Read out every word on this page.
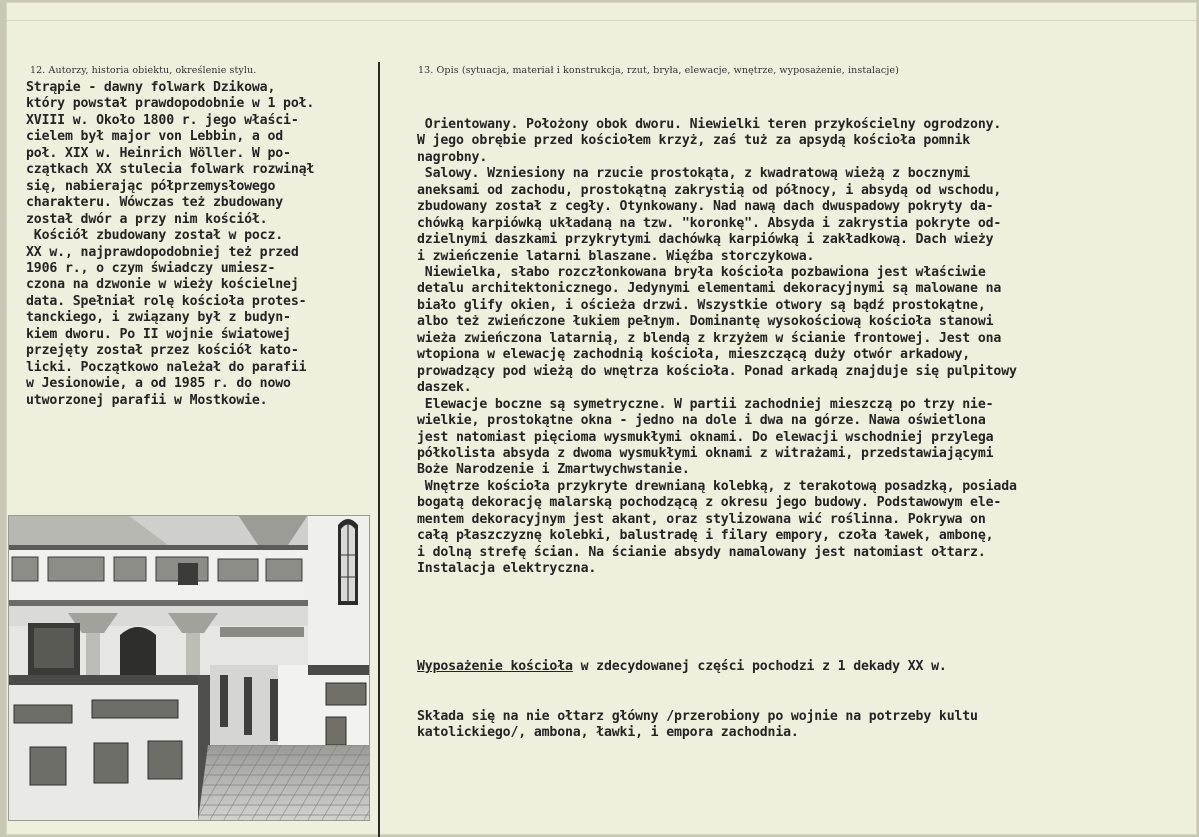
12. Autorzy, historia obiektu, określenie stylu.	13. Opis (sytuacja, materiał i konstrukcja, rzut, bryła, elewacje, wnętrze, wyposażenie, instalacje)
Strąpie - dawny folwark Dzikowa,
który powstał prawdopodobnie w 1 poł.
XVIII w. Około 1800 r. jego właści-
cielem był major von Lebbin, a od
poł. XIX w. Heinrich Wöller. W po-
czątkach XX stulecia folwark rozwinął
się, nabierając półprzemysłowego
charakteru. Wówczas też zbudowany
został dwór a przy nim kościół.
Kościół zbudowany został w pocz.
XX w., najprawdopodobniej też przed
1906 r., o czym świadczy umiesz-
czona na dzwonie w wieży kościelnej
data. Spełniał rolę kościoła protes-
tanckiego, i związany był z budyn-
kiem dworu. Po II wojnie światowej
przejęty został przez kościół kato-
licki. Początkowo należał do parafii
w Jesionowie, a od 1985 r. do nowo
utworzonej parafii w Mostkowie.

Orientowany. Położony obok dworu. Niewielki teren przykościelny ogrodzony.
W jego obrębie przed kościołem krzyż, zaś tuż za apsydą kościoła pomnik
nagrobny.
Salowy. Wzniesiony na rzucie prostokąta, z kwadratową wieżą z bocznymi
aneksami od zachodu, prostokątną zakrystią od północy, i absydą od wschodu,
zbudowany został z cegły. Otynkowany. Nad nawą dach dwuspadowy pokryty da-
chówką karpiówką układaną na tzw. "koronkę". Absyda i zakrystia pokryte od-
dzielnymi daszkami przykrytymi dachówką karpiówką i zakładkową. Dach wieży
i zwieńczenie latarni blaszane. Więźba storczykowa.
Niewielka, słabo rozczłonkowana bryła kościoła pozbawiona jest właściwie
detalu architektonicznego. Jedynymi elementami dekoracyjnymi są malowane na
biało glify okien, i ościeża drzwi. Wszystkie otwory są bądź prostokątne,
albo też zwieńczone łukiem pełnym. Dominantę wysokościową kościoła stanowi
wieża zwieńczona latarnią, z blendą z krzyżem w ścianie frontowej. Jest ona
wtopiona w elewację zachodnią kościoła, mieszczącą duży otwór arkadowy,
prowadzący pod wieżą do wnętrza kościoła. Ponad arkadą znajduje się pulpitowy
daszek.
Elewacje boczne są symetryczne. W partii zachodniej mieszczą po trzy nie-
wielkie, prostokątne okna - jedno na dole i dwa na górze. Nawa oświetlona
jest natomiast pięcioma wysmukłymi oknami. Do elewacji wschodniej przylega
półkolista absyda z dwoma wysmukłymi oknami z witrażami, przedstawiającymi
Boże Narodzenie i Zmartwychwstanie.
Wnętrze kościoła przykryte drewnianą kolebką, z terakotową posadzką, posiada
bogatą dekorację malarską pochodzącą z okresu jego budowy. Podstawowym ele-
mentem dekoracyjnym jest akant, oraz stylizowana wić roślinna. Pokrywa on
całą płaszczyznę kolebki, balustradę i filary empory, czoła ławek, ambonę,
i dolną strefę ścian. Na ścianie absydy namalowany jest natomiast ołtarz.
Instalacja elektryczna.

Wyposażenie kościoła w zdecydowanej części pochodzi z 1 dekady XX w.

Składa się na nie ołtarz główny /przerobiony po wojnie na potrzeby kultu
katolickiego/, ambona, ławki, i empora zachodnia.
